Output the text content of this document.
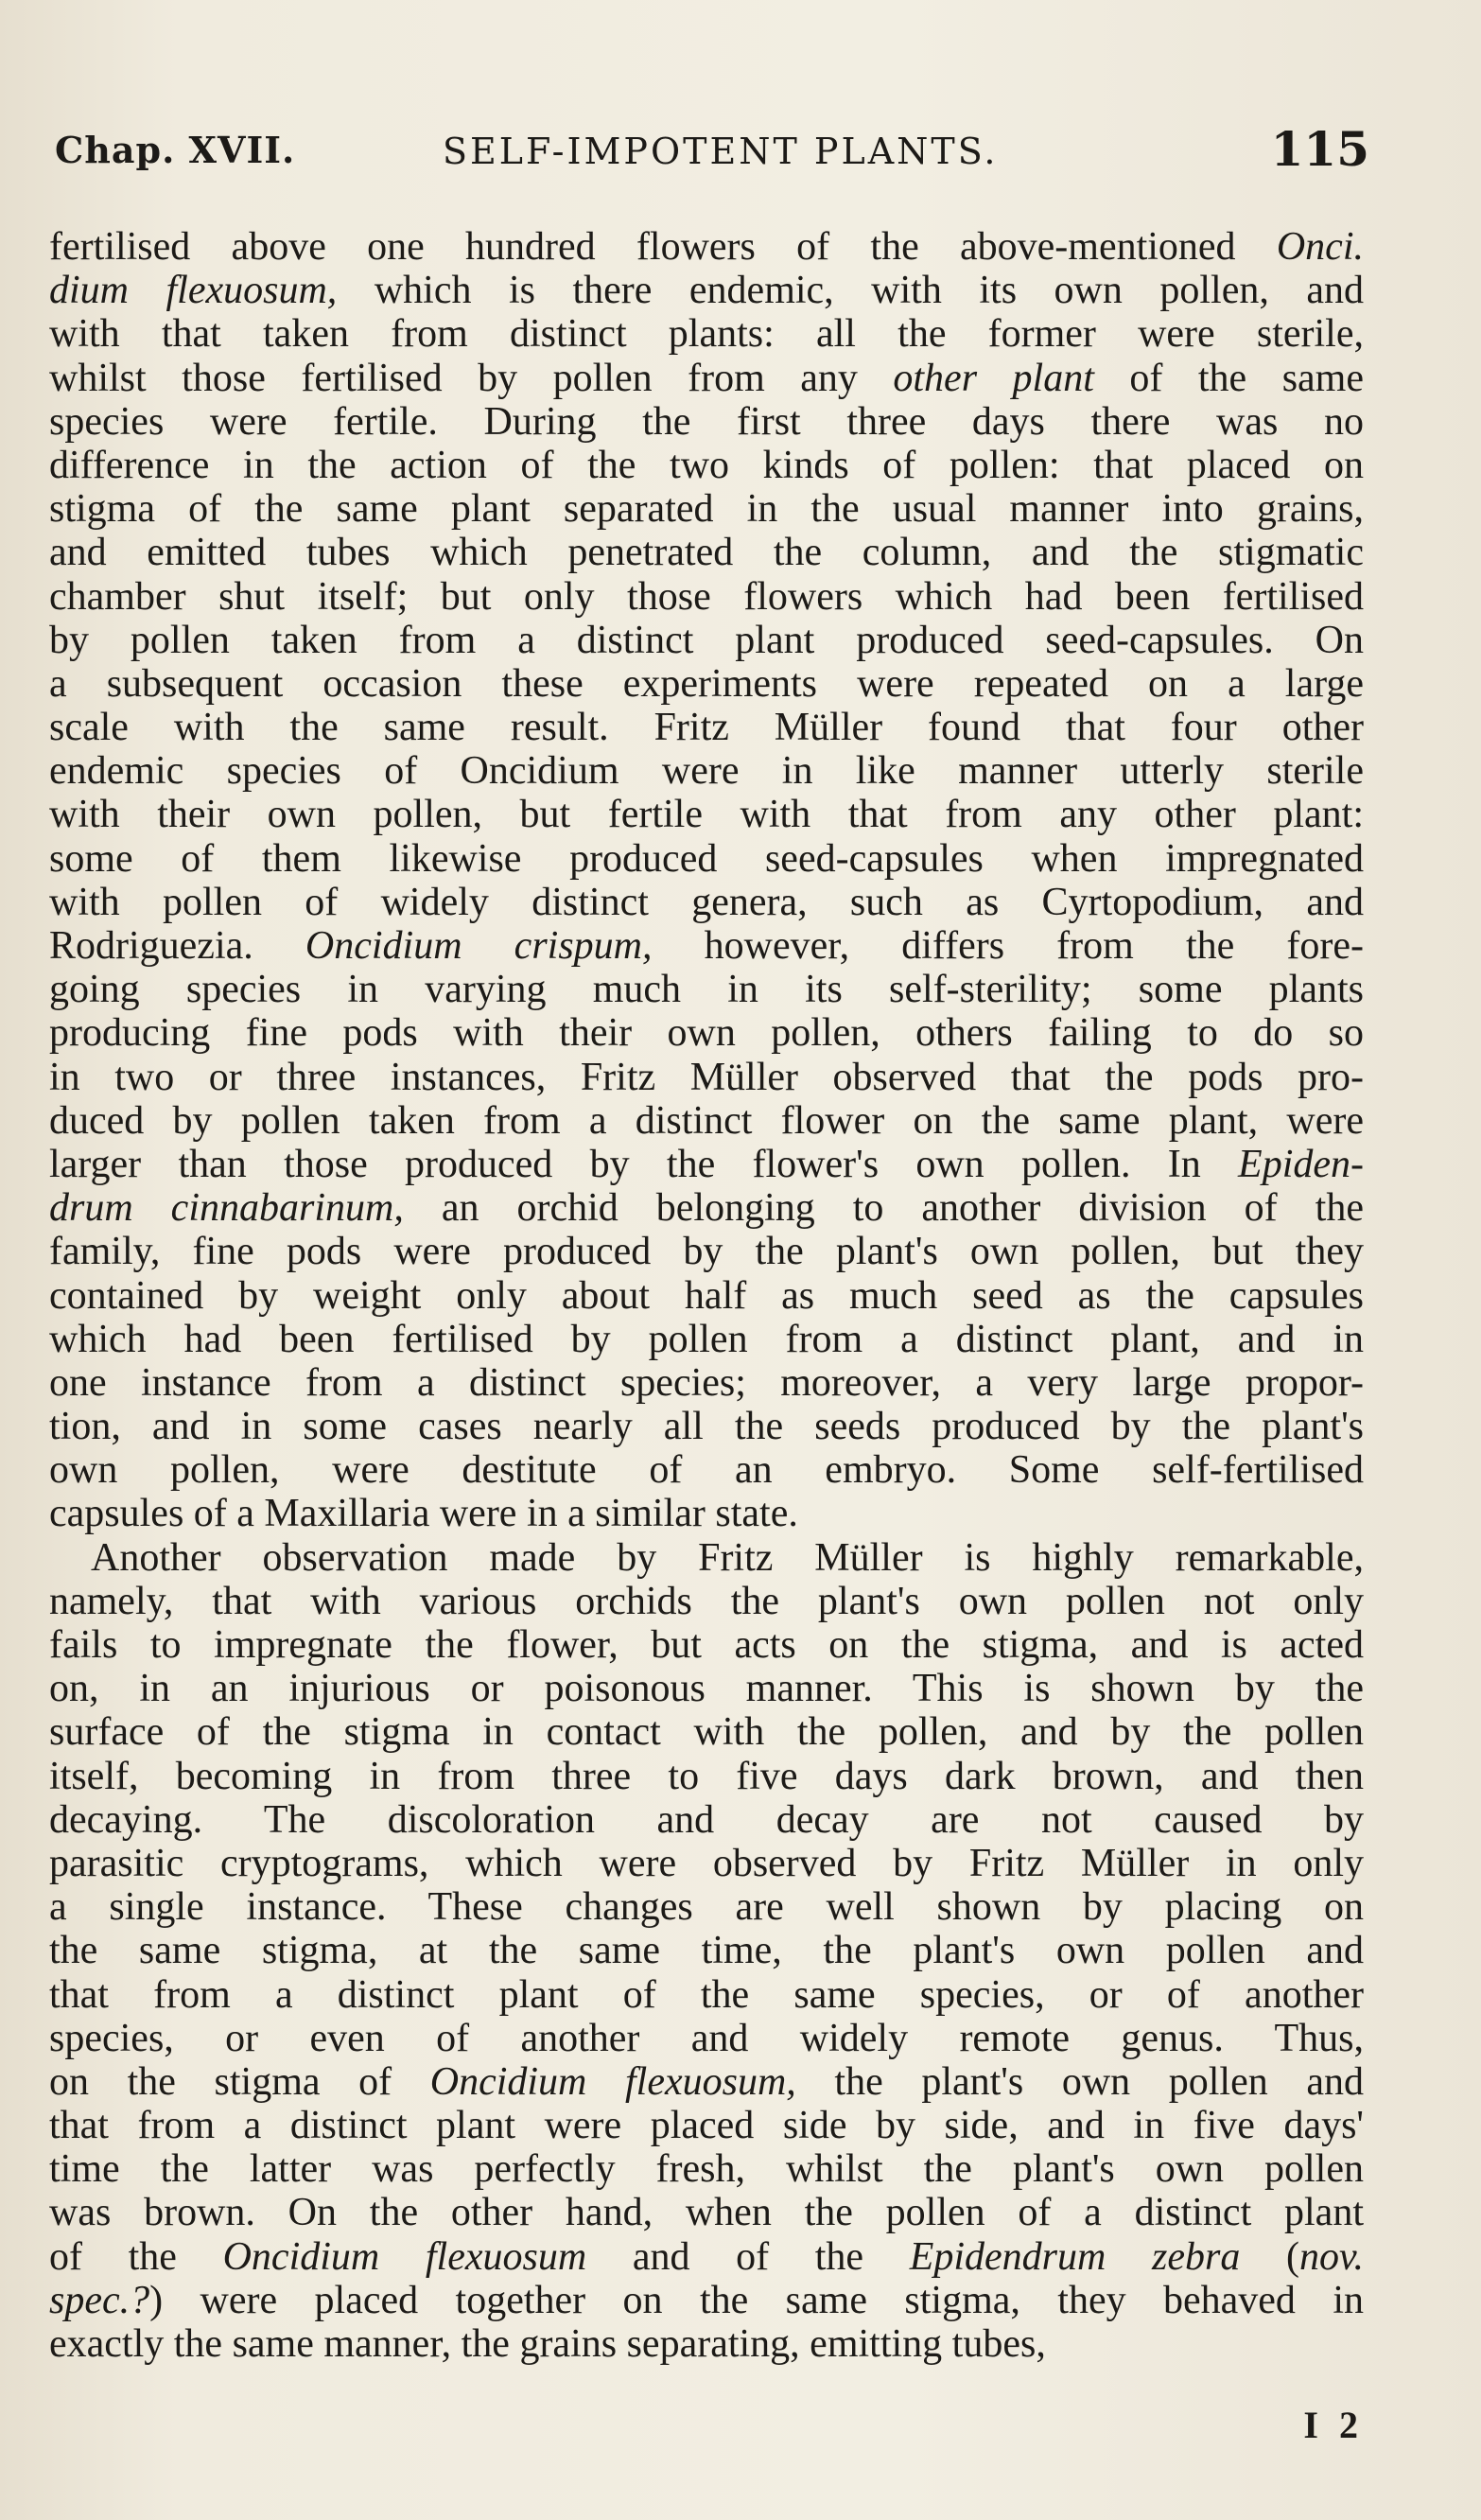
Chap. XVII.	SELF-IMPOTENT PLANTS.	115
fertilised above one hundred flowers of the above-mentioned Onci.
dium flexuosum, which is there endemic, with its own pollen, and
with that taken from distinct plants: all the former were sterile,
whilst those fertilised by pollen from any other plant of the same
species were fertile. During the first three days there was no
difference in the action of the two kinds of pollen: that placed on
stigma of the same plant separated in the usual manner into grains,
and emitted tubes which penetrated the column, and the stigmatic
chamber shut itself; but only those flowers which had been fertilised
by pollen taken from a distinct plant produced seed-capsules. On
a subsequent occasion these experiments were repeated on a large
scale with the same result. Fritz Müller found that four other
endemic species of Oncidium were in like manner utterly sterile
with their own pollen, but fertile with that from any other plant:
some of them likewise produced seed-capsules when impregnated
with pollen of widely distinct genera, such as Cyrtopodium, and
Rodriguezia. Oncidium crispum, however, differs from the fore-
going species in varying much in its self-sterility; some plants
producing fine pods with their own pollen, others failing to do so
in two or three instances, Fritz Müller observed that the pods pro-
duced by pollen taken from a distinct flower on the same plant, were
larger than those produced by the flower's own pollen. In Epiden-
drum cinnabarinum, an orchid belonging to another division of the
family, fine pods were produced by the plant's own pollen, but they
contained by weight only about half as much seed as the capsules
which had been fertilised by pollen from a distinct plant, and in
one instance from a distinct species; moreover, a very large propor-
tion, and in some cases nearly all the seeds produced by the plant's
own pollen, were destitute of an embryo. Some self-fertilised
capsules of a Maxillaria were in a similar state.
Another observation made by Fritz Müller is highly remarkable,
namely, that with various orchids the plant's own pollen not only
fails to impregnate the flower, but acts on the stigma, and is acted
on, in an injurious or poisonous manner. This is shown by the
surface of the stigma in contact with the pollen, and by the pollen
itself, becoming in from three to five days dark brown, and then
decaying. The discoloration and decay are not caused by
parasitic cryptograms, which were observed by Fritz Müller in only
a single instance. These changes are well shown by placing on
the same stigma, at the same time, the plant's own pollen and
that from a distinct plant of the same species, or of another
species, or even of another and widely remote genus. Thus,
on the stigma of Oncidium flexuosum, the plant's own pollen and
that from a distinct plant were placed side by side, and in five days'
time the latter was perfectly fresh, whilst the plant's own pollen
was brown. On the other hand, when the pollen of a distinct plant
of the Oncidium flexuosum and of the Epidendrum zebra (nov.
spec.?) were placed together on the same stigma, they behaved in
exactly the same manner, the grains separating, emitting tubes,
I 2
